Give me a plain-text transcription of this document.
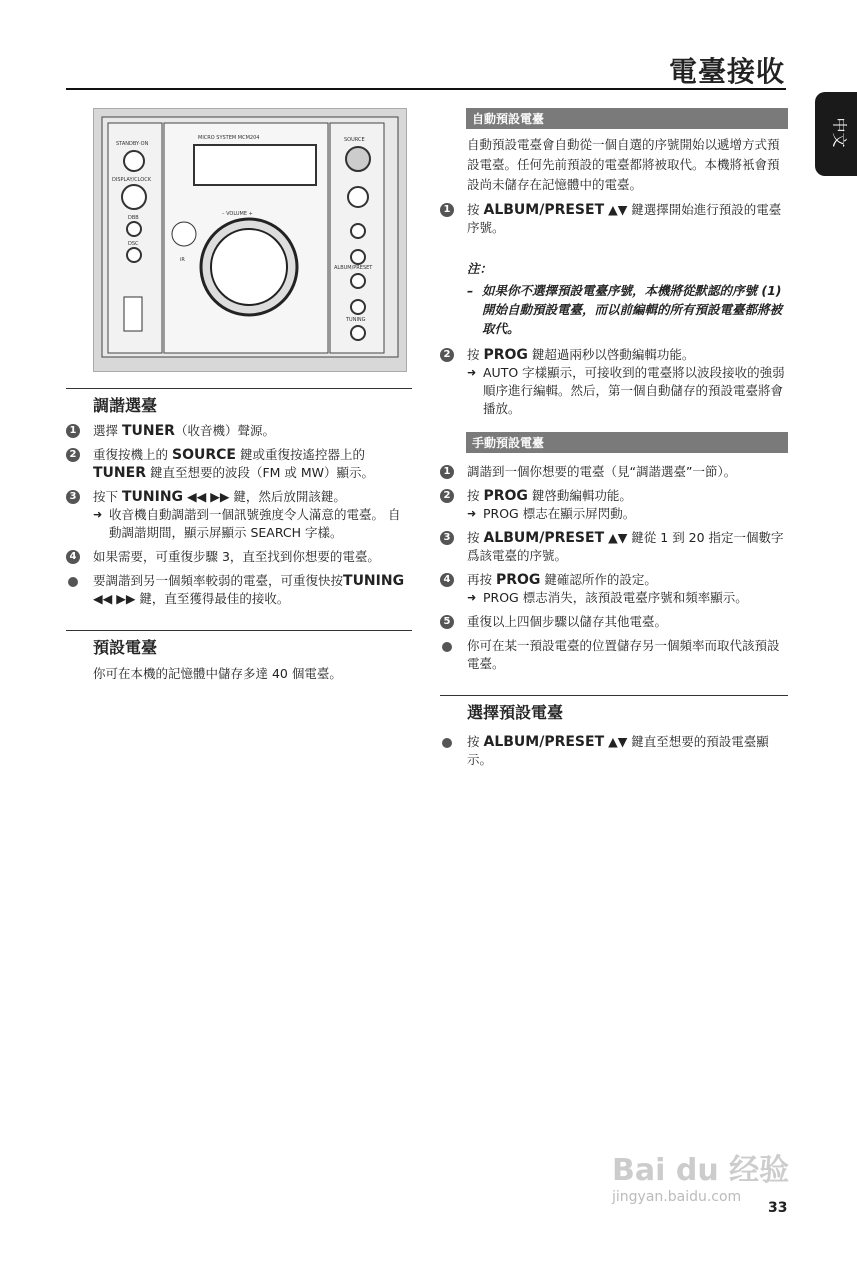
電臺接收
中文
MICRO SYSTEM MCM204
STANDBY·ON
DISPLAY/CLOCK
DBB
DSC
– VOLUME +
iR
SOURCE
ALBUM/PRESET
TUNING
調諧選臺
1 選擇 TUNER（收音機）聲源。
2 重復按機上的 SOURCE 鍵或重復按遙控器上的TUNER 鍵直至想要的波段（FM 或 MW）顯示。
3 按下 TUNING ◀◀ ▶▶ 鍵，然后放開該鍵。
➜ 收音機自動調諧到一個訊號強度令人滿意的電臺。 自動調諧期間，顯示屏顯示 SEARCH 字樣。
4 如果需要，可重復步驟 3，直至找到你想要的電臺。
要調諧到另一個頻率較弱的電臺，可重復快按TUNING ◀◀ ▶▶ 鍵，直至獲得最佳的接收。
預設電臺
你可在本機的記憶體中儲存多達 40 個電臺。
自動預設電臺
自動預設電臺會自動從一個自選的序號開始以遞增方式預設電臺。任何先前預設的電臺都將被取代。本機將衹會預設尚未儲存在記憶體中的電臺。
1 按 ALBUM/PRESET ▲▼ 鍵選擇開始進行預設的電臺序號。
注：
– 如果你不選擇預設電臺序號，本機將從默認的序號 (1) 開始自動預設電臺，而以前編輯的所有預設電臺都將被取代。
2 按 PROG 鍵超過兩秒以啓動編輯功能。
➜ AUTO 字樣顯示，可接收到的電臺將以波段接收的強弱順序進行編輯。然后，第一個自動儲存的預設電臺將會播放。
手動預設電臺
1 調諧到一個你想要的電臺（見“調諧選臺”一節）。
2 按 PROG 鍵啓動編輯功能。
➜ PROG 標志在顯示屏閃動。
3 按 ALBUM/PRESET ▲▼ 鍵從 1 到 20 指定一個數字爲該電臺的序號。
4 再按 PROG 鍵確認所作的設定。
➜ PROG 標志消失，該預設電臺序號和頻率顯示。
5 重復以上四個步驟以儲存其他電臺。
你可在某一預設電臺的位置儲存另一個頻率而取代該預設電臺。
選擇預設電臺
按 ALBUM/PRESET ▲▼ 鍵直至想要的預設電臺顯示。
Bai du 经验
jingyan.baidu.com
33
